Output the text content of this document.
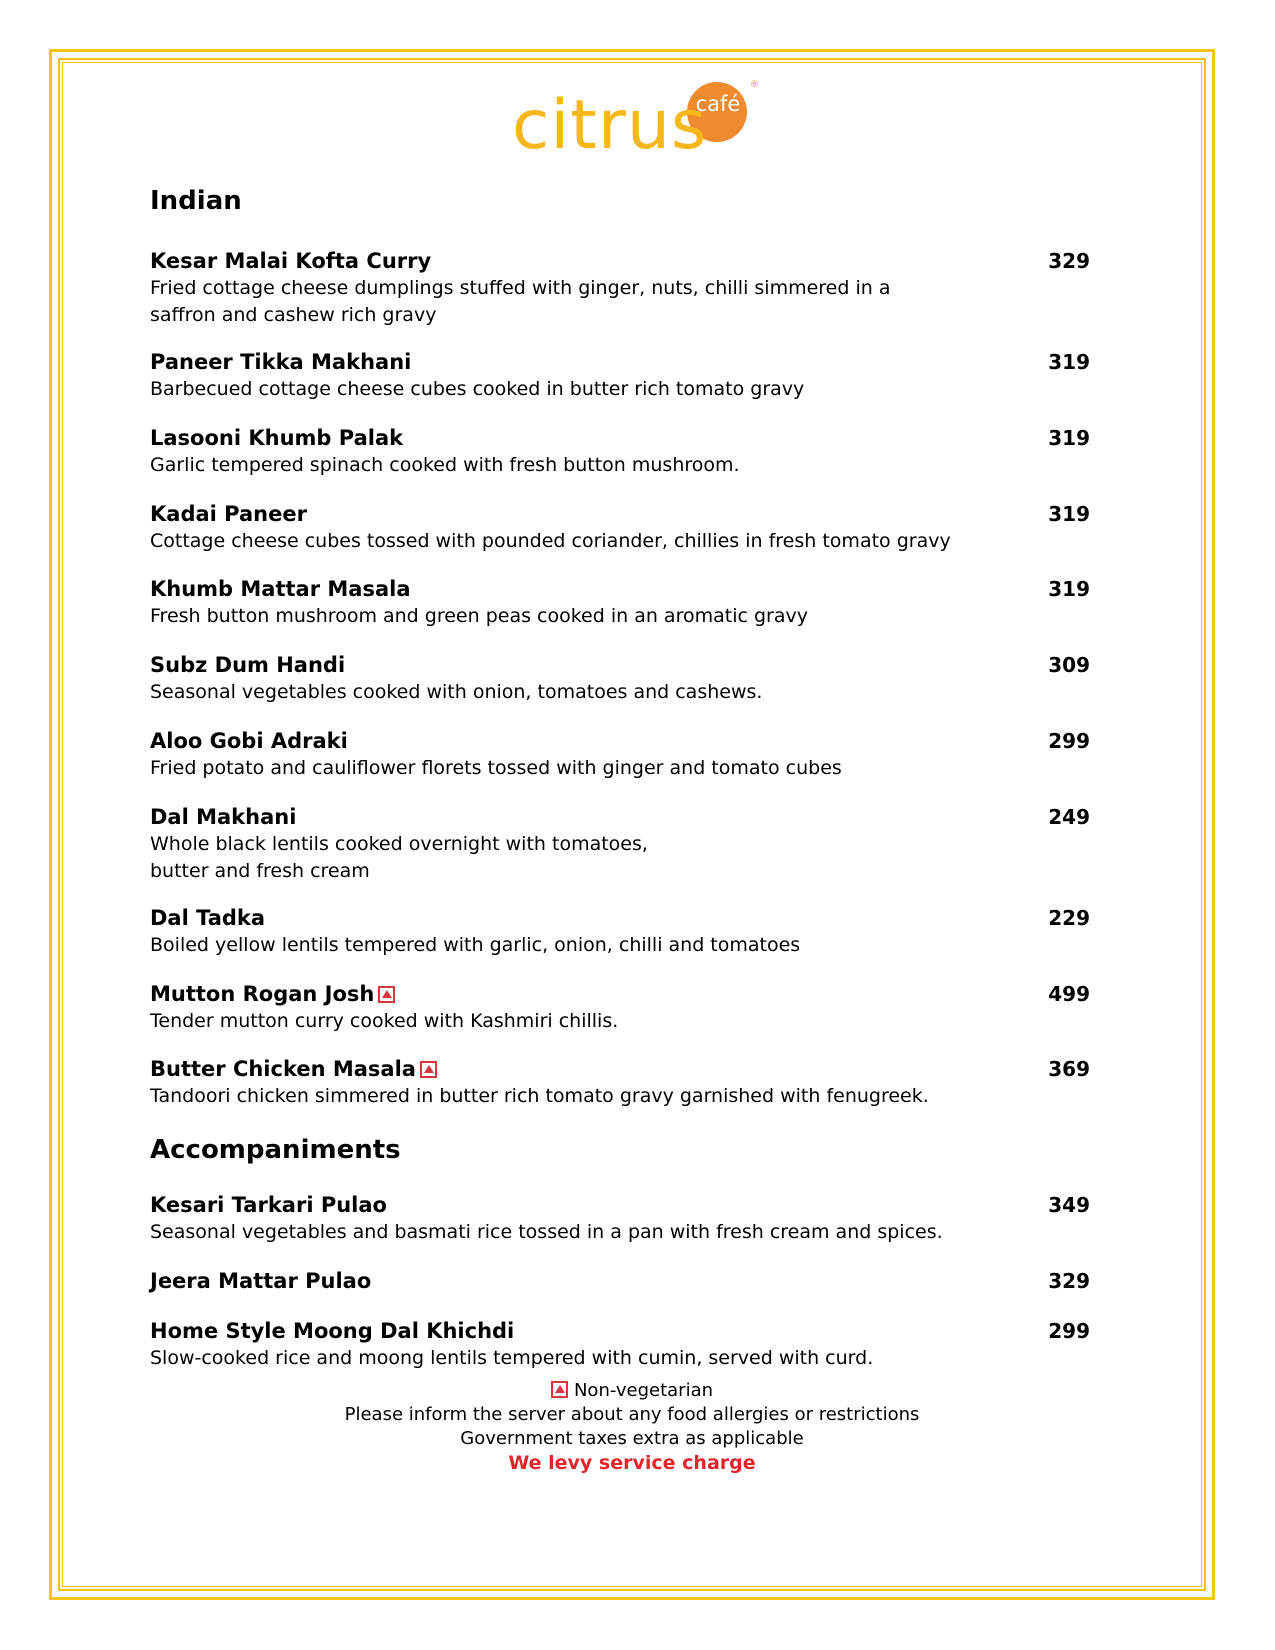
citrus
café
®
Indian
Kesar Malai Kofta Curry	329
Fried cottage cheese dumplings stuffed with ginger, nuts, chilli simmered in a
saffron and cashew rich gravy
Paneer Tikka Makhani	319
Barbecued cottage cheese cubes cooked in butter rich tomato gravy
Lasooni Khumb Palak	319
Garlic tempered spinach cooked with fresh button mushroom.
Kadai Paneer	319
Cottage cheese cubes tossed with pounded coriander, chillies in fresh tomato gravy
Khumb Mattar Masala	319
Fresh button mushroom and green peas cooked in an aromatic gravy
Subz Dum Handi	309
Seasonal vegetables cooked with onion, tomatoes and cashews.
Aloo Gobi Adraki	299
Fried potato and cauliflower florets tossed with ginger and tomato cubes
Dal Makhani	249
Whole black lentils cooked overnight with tomatoes,
butter and fresh cream
Dal Tadka	229
Boiled yellow lentils tempered with garlic, onion, chilli and tomatoes
Mutton Rogan Josh	499
Tender mutton curry cooked with Kashmiri chillis.
Butter Chicken Masala	369
Tandoori chicken simmered in butter rich tomato gravy garnished with fenugreek.
Accompaniments
Kesari Tarkari Pulao	349
Seasonal vegetables and basmati rice tossed in a pan with fresh cream and spices.
Jeera Mattar Pulao	329
Home Style Moong Dal Khichdi	299
Slow-cooked rice and moong lentils tempered with cumin, served with curd.
Non-vegetarian
Please inform the server about any food allergies or restrictions
Government taxes extra as applicable
We levy service charge
